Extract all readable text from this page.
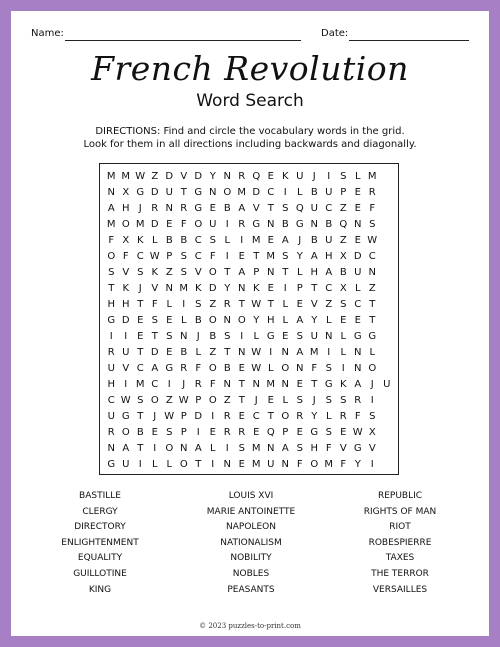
Name:	Date:
French Revolution
Word Search
DIRECTIONS: Find and circle the vocabulary words in the grid.
Look for them in all directions including backwards and diagonally.
M M W Z D V D Y N R Q E K U J	I S L M
N X G D U T G N O M D C I	L B U P E R
A H J R N R G E B A V T S Q U C Z E F
M O M D E F O U I R G N B G N B Q N S
F X K L B B C S L	I M E A J B U Z E W
O F C W P S C F	I E T M S Y A H X D C
S V S K Z S V O T A P N T L H A B U N
T K J V N M K D Y N K E I	P T C X L Z
H H T F L	I S Z R T W T L E V Z S C T
G D E S E L B O N O Y H L A Y L E E T
I	I E T S N J B S I	L G E S U N L G G
R U T D E B L Z T N W I N A M I	L N L
U V C A G R F O B E W L O N F S I N O
H I M C I	J R F N T N M N E T G K A J U
C W S O Z W P O Z T J E L S J S S R I
U G T J W P D I R E C T O R Y L R F S
R O B E S P	I E R R E Q P E G S E W X
N A T I O N A L	I S M N A S H F V G V
G U I	L L O T I N E M U N F O M F Y I
BASTILLE
CLERGY
DIRECTORY
ENLIGHTENMENT
EQUALITY
GUILLOTINE
KING
LOUIS XVI
MARIE ANTOINETTE
NAPOLEON
NATIONALISM
NOBILITY
NOBLES
PEASANTS
REPUBLIC
RIGHTS OF MAN
RIOT
ROBESPIERRE
TAXES
THE TERROR
VERSAILLES
© 2023 puzzles-to-print.com
